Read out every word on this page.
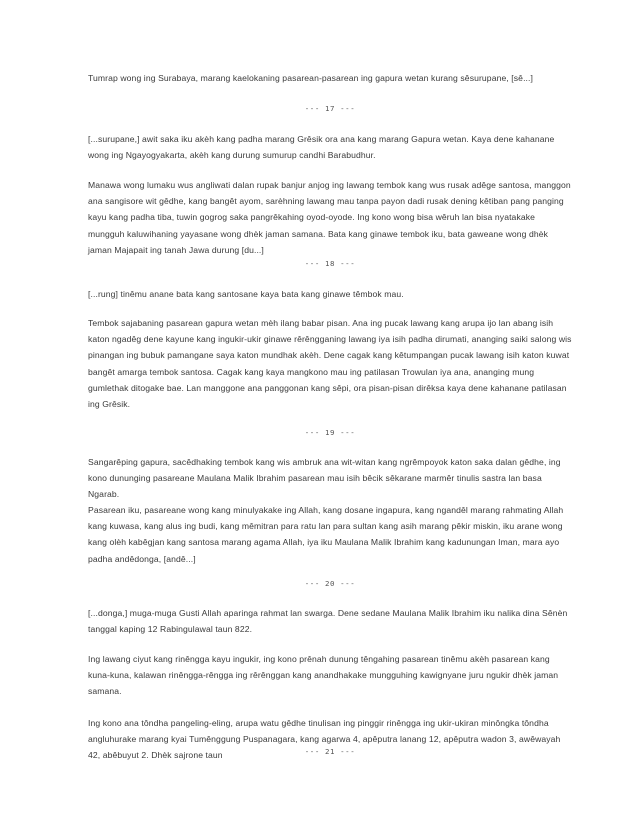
Tumrap wong ing Surabaya, marang kaelokaning pasarean-pasarean ing gapura wetan kurang sêsurupane, [sê...]

--- 17 ---

[...surupane,] awit saka iku akèh kang padha marang Grêsik ora ana kang marang Gapura wetan. Kaya dene kahanane wong ing Ngayogyakarta, akèh kang durung sumurup candhi Barabudhur.

Manawa wong lumaku wus angliwati dalan rupak banjur anjog ing lawang tembok kang wus rusak adêge santosa, manggon ana sangisore wit gêdhe, kang bangêt ayom, sarèhning lawang mau tanpa payon dadi rusak dening kêtiban pang panging kayu kang padha tiba, tuwin gogrog saka pangrêkahing oyod-oyode. Ing kono wong bisa wêruh lan bisa nyatakake mungguh kaluwihaning yayasane wong dhèk jaman samana. Bata kang ginawe tembok iku, bata gaweane wong dhèk jaman Majapait ing tanah Jawa durung [du...]

--- 18 ---

[...rung] tinêmu anane bata kang santosane kaya bata kang ginawe têmbok mau.

Tembok sajabaning pasarean gapura wetan mèh ilang babar pisan. Ana ing pucak lawang kang arupa ijo lan abang isih katon ngadêg dene kayune kang ingukir-ukir ginawe rêrêngganing lawang iya isih padha dirumati, ananging saiki salong wis pinangan ing bubuk pamangane saya katon mundhak akèh. Dene cagak kang kêtumpangan pucak lawang isih katon kuwat bangêt amarga tembok santosa. Cagak kang kaya mangkono mau ing patilasan Trowulan iya ana, ananging mung gumlethak ditogake bae. Lan manggone ana panggonan kang sêpi, ora pisan-pisan dirêksa kaya dene kahanane patilasan ing Grêsik.

--- 19 ---

Sangarêping gapura, sacêdhaking tembok kang wis ambruk ana wit-witan kang ngrêmpoyok katon saka dalan gêdhe, ing kono dununging pasareane Maulana Malik Ibrahim pasarean mau isih bêcik sêkarane marmêr tinulis sastra lan basa Ngarab.

Pasarean iku, pasareane wong kang minulyakake ing Allah, kang dosane ingapura, kang ngandêl marang rahmating Allah kang kuwasa, kang alus ing budi, kang mêmitran para ratu lan para sultan kang asih marang pêkir miskin, iku arane wong kang olèh kabêgjan kang santosa marang agama Allah, iya iku Maulana Malik Ibrahim kang kadunungan Iman, mara ayo padha andêdonga, [andê...]

--- 20 ---

[...donga,] muga-muga Gusti Allah aparinga rahmat lan swarga. Dene sedane Maulana Malik Ibrahim iku nalika dina Sênèn tanggal kaping 12 Rabingulawal taun 822.

Ing lawang ciyut kang rinêngga kayu ingukir, ing kono prênah dunung têngahing pasarean tinêmu akèh pasarean kang kuna-kuna, kalawan rinêngga-rêngga ing rêrênggan kang anandhakake mungguhing kawignyane juru ngukir dhèk jaman samana.

Ing kono ana tôndha pangeling-eling, arupa watu gêdhe tinulisan ing pinggir rinêngga ing ukir-ukiran minôngka tôndha angluhurake marang kyai Tumênggung Puspanagara, kang agarwa 4, apêputra lanang 12, apêputra wadon 3, awêwayah 42, abêbuyut 2. Dhèk sajrone taun	--- 21 ---
